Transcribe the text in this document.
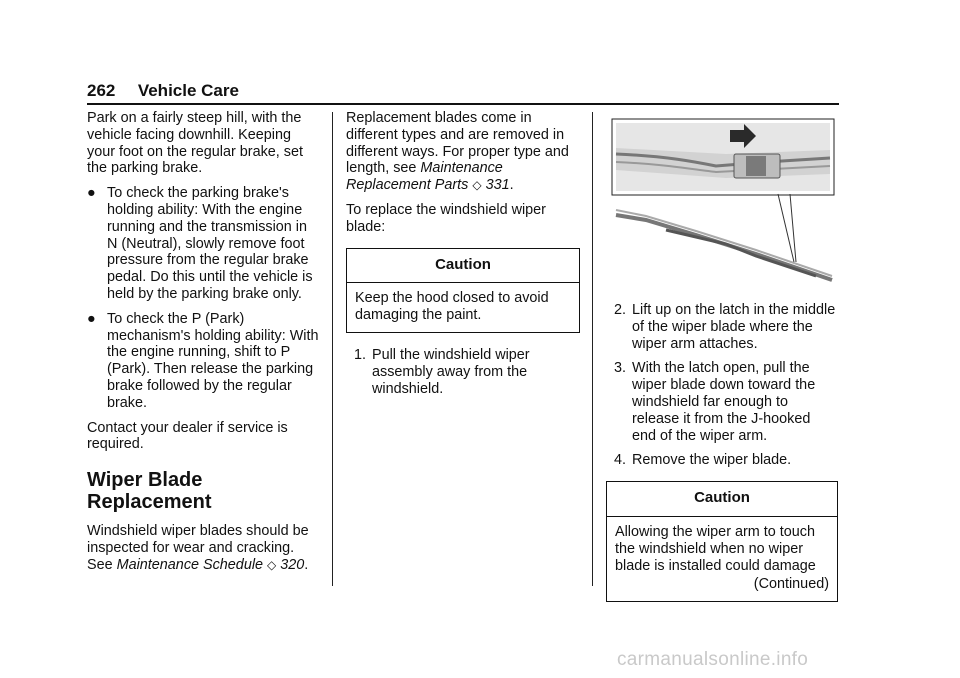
262 Vehicle Care

Park on a fairly steep hill, with the vehicle facing downhill. Keeping your foot on the regular brake, set the parking brake.

● To check the parking brake's holding ability: With the engine running and the transmission in N (Neutral), slowly remove foot pressure from the regular brake pedal. Do this until the vehicle is held by the parking brake only.
● To check the P (Park) mechanism's holding ability: With the engine running, shift to P (Park). Then release the parking brake followed by the regular brake.

Contact your dealer if service is required.

Wiper Blade Replacement

Windshield wiper blades should be inspected for wear and cracking. See Maintenance Schedule ◇ 320.

Replacement blades come in different types and are removed in different ways. For proper type and length, see Maintenance Replacement Parts ◇ 331.

To replace the windshield wiper blade:

Caution
Keep the hood closed to avoid damaging the paint.
1. Pull the windshield wiper assembly away from the windshield.
2. Lift up on the latch in the middle of the wiper blade where the wiper arm attaches.
3. With the latch open, pull the wiper blade down toward the windshield far enough to release it from the J-hooked end of the wiper arm.
4. Remove the wiper blade.
Caution
Allowing the wiper arm to touch the windshield when no wiper blade is installed could damage
(Continued)
carmanualsonline.info
